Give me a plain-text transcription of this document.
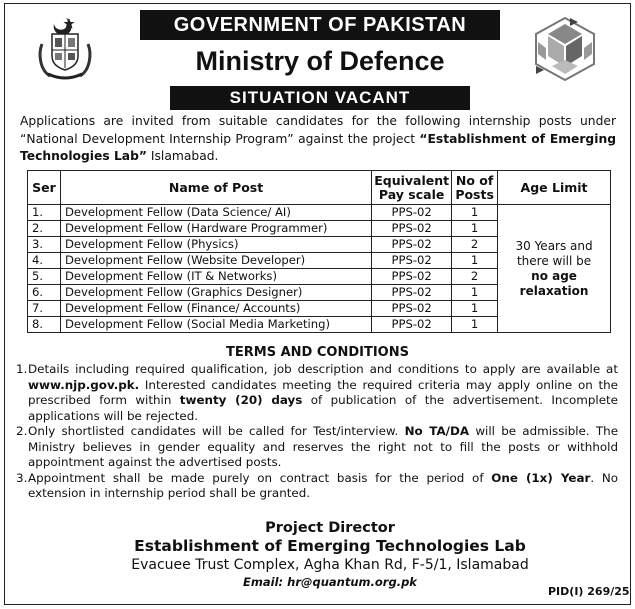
GOVERNMENT OF PAKISTAN
Ministry of Defence
SITUATION VACANT

Applications are invited from suitable candidates for the following internship posts under “National Development Internship Program” against the project “Establishment of Emerging Technologies Lab” Islamabad.

Ser	Name of Post	Equivalent Pay scale	No of Posts	Age Limit
1.	Development Fellow (Data Science/ AI)	PPS-02	1	30 Years and
there will be
no age
relaxation
2.	Development Fellow (Hardware Programmer)	PPS-02	1	
3.	Development Fellow (Physics)	PPS-02	2	
4.	Development Fellow (Website Developer)	PPS-02	1	
5.	Development Fellow (IT & Networks)	PPS-02	2	
6.	Development Fellow (Graphics Designer)	PPS-02	1	
7.	Development Fellow (Finance/ Accounts)	PPS-02	1	
8.	Development Fellow (Social Media Marketing)	PPS-02	1	
TERMS AND CONDITIONS
1. Details including required qualification, job description and conditions to apply are available at www.njp.gov.pk. Interested candidates meeting the required criteria may apply online on the prescribed form within twenty (20) days of publication of the advertisement. Incomplete applications will be rejected.
2. Only shortlisted candidates will be called for Test/interview. No TA/DA will be admissible. The Ministry believes in gender equality and reserves the right not to fill the posts or withhold appointment against the advertised posts.
3. Appointment shall be made purely on contract basis for the period of One (1x) Year. No extension in internship period shall be granted.
Project Director
Establishment of Emerging Technologies Lab
Evacuee Trust Complex, Agha Khan Rd, F-5/1, Islamabad
Email: hr@quantum.org.pk
PID(I) 269/25
